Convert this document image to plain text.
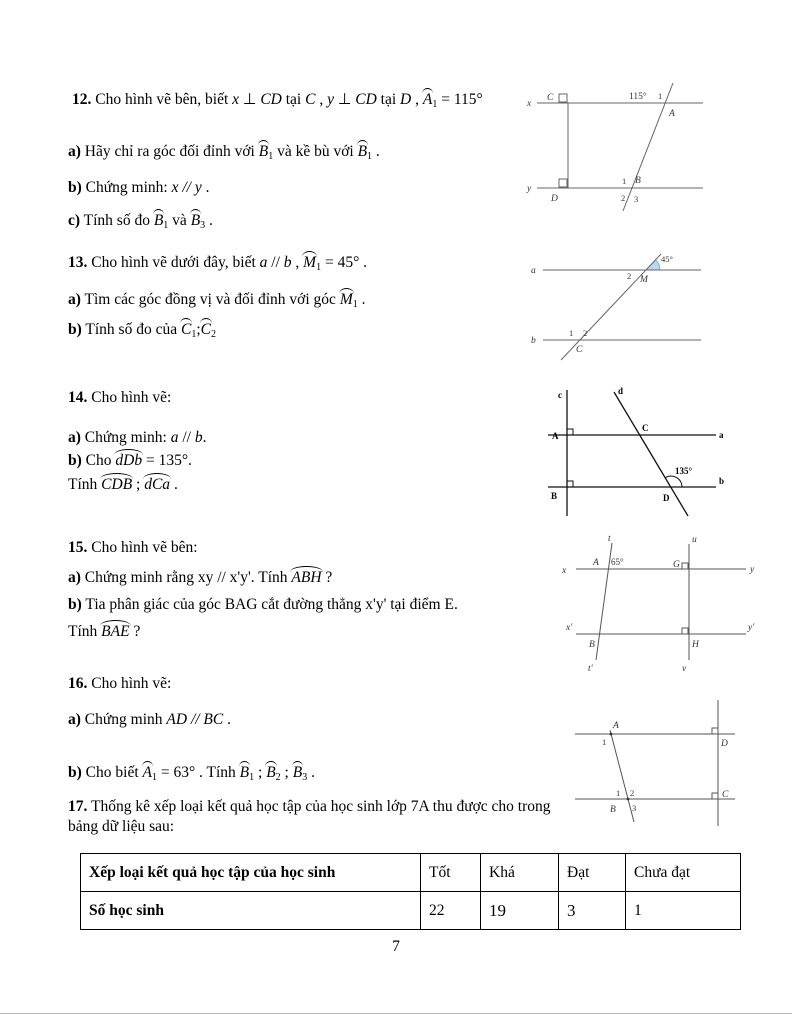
12. Cho hình vẽ bên, biết x ⊥ CD tại C , y ⊥ CD tại D , $A_1 = 115^\circ$
a) Hãy chỉ ra góc đối đỉnh với $B_1$ và kề bù với $B_1$ .
b) Chứng minh: x // y .
c) Tính số đo $B_1$ và $B_3$ .
x
C	115° 1
A
y
D
1 B
2 3
13. Cho hình vẽ dưới đây, biết a // b , $M_1 = 45^\circ$ .
a) Tìm các góc đồng vị và đối đỉnh với góc $M_1$ .
b) Tính số đo của $C_1;C_2$
a
b
45°
2 M
1 2
C
14. Cho hình vẽ:
a) Chứng minh: a // b.
b) Cho dDb = 135°.
Tính CDB ; dCa .
c	d
a
b
A
B
C
D
135°
15. Cho hình vẽ bên:
a) Chứng minh rằng xy // x'y'. Tính ABH ?
b) Tia phân giác của góc BAG cắt đường thẳng x'y' tại điểm E.
Tính BAE ?
x	y
x'	y'
t
t'
u
v
A	G
B	H
65°
16. Cho hình vẽ:
a) Chứng minh AD // BC .
b) Cho biết $A_1 = 63^\circ$ . Tính $B_1$ ; $B_2$ ; $B_3$ .
A
D
B
C
1
1 2
3
17. Thống kê xếp loại kết quả học tập của học sinh lớp 7A thu được cho trong bảng dữ liệu sau:
Xếp loại kết quả học tập của học sinh	Tốt	Khá	Đạt	Chưa đạt
Số học sinh	22	19	3	1
7
